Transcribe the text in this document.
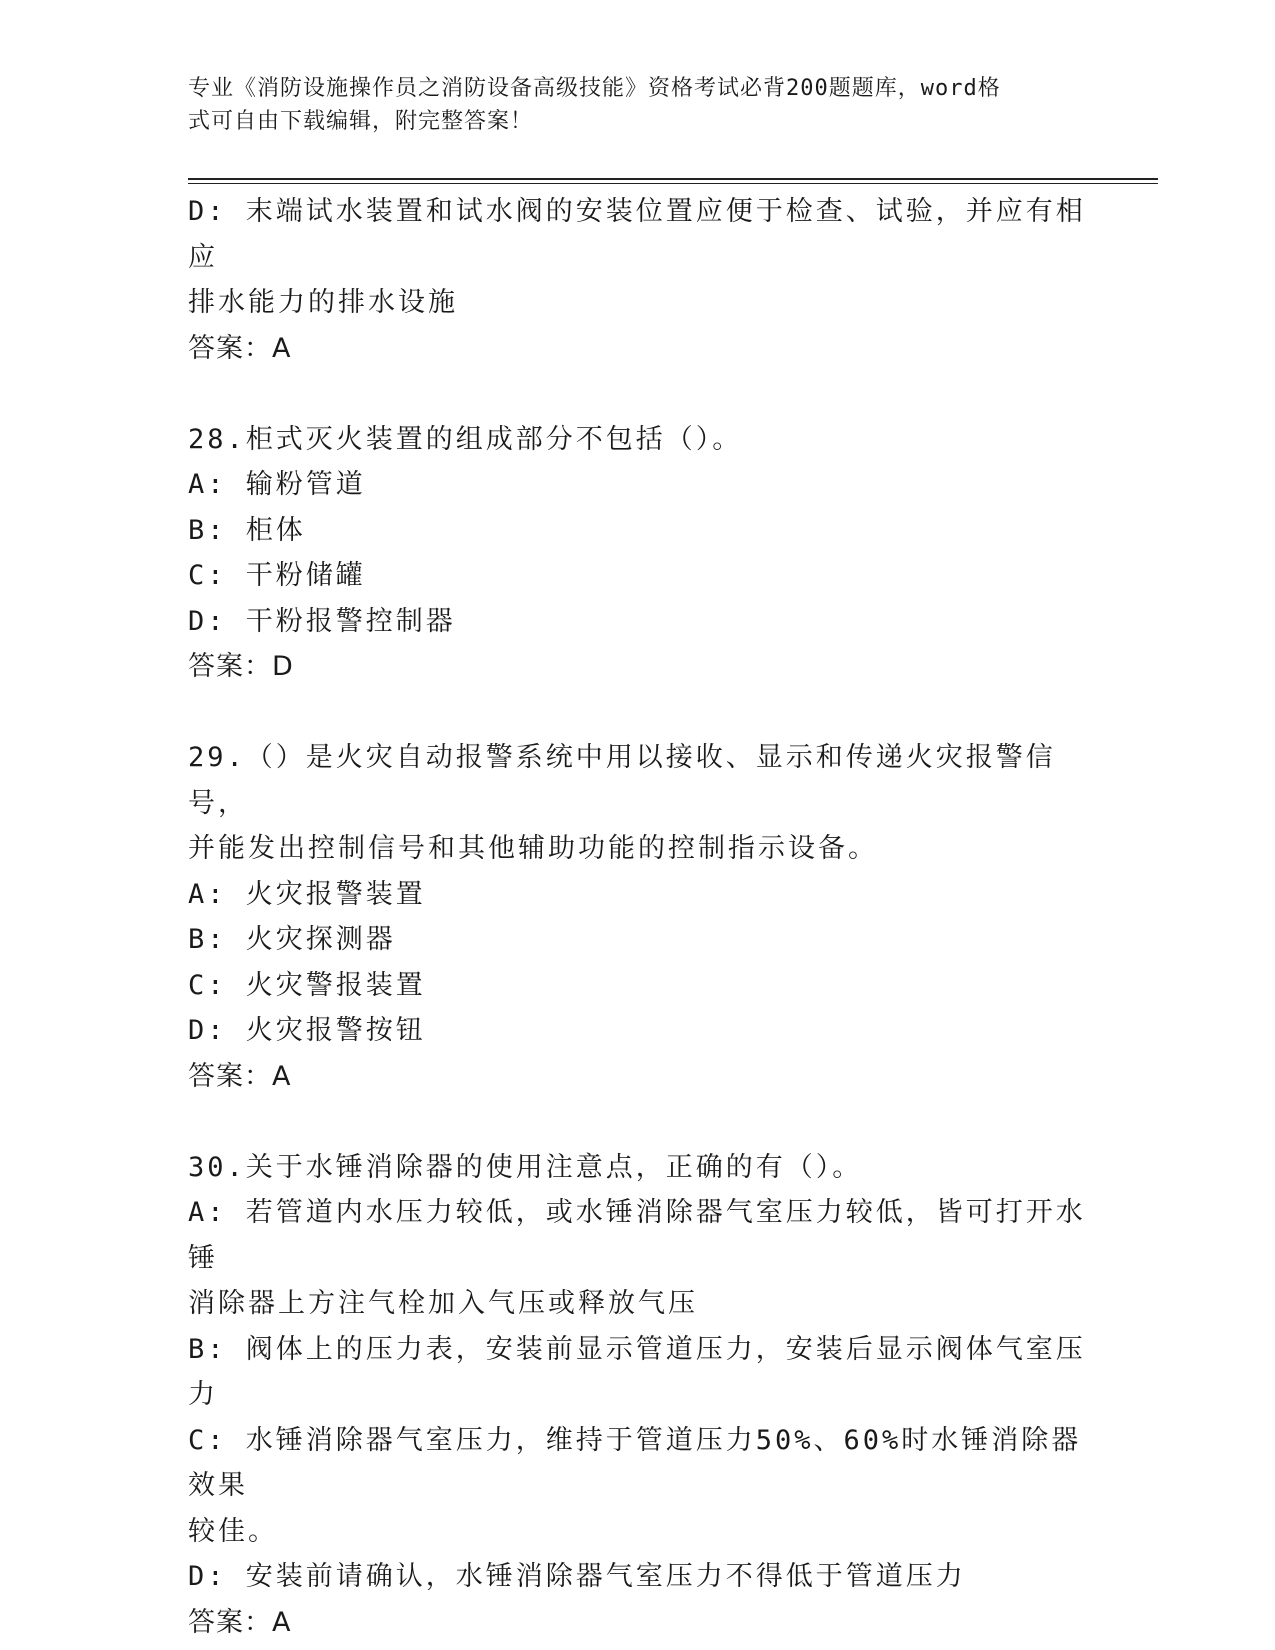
专业《消防设施操作员之消防设备高级技能》资格考试必背200题题库，word格
式可自由下载编辑，附完整答案！

D: 末端试水装置和试水阀的安装位置应便于检查、试验，并应有相应

排水能力的排水设施

答案：A

28.柜式灭火装置的组成部分不包括（）。

A: 输粉管道

B: 柜体

C: 干粉储罐

D: 干粉报警控制器

答案：D

29.（）是火灾自动报警系统中用以接收、显示和传递火灾报警信号，

并能发出控制信号和其他辅助功能的控制指示设备。

A: 火灾报警装置

B: 火灾探测器

C: 火灾警报装置

D: 火灾报警按钮

答案：A

30.关于水锤消除器的使用注意点，正确的有（）。

A: 若管道内水压力较低，或水锤消除器气室压力较低，皆可打开水锤

消除器上方注气栓加入气压或释放气压

B: 阀体上的压力表，安装前显示管道压力，安装后显示阀体气室压力

C: 水锤消除器气室压力，维持于管道压力50%、60%时水锤消除器效果

较佳。

D: 安装前请确认，水锤消除器气室压力不得低于管道压力

答案：A
